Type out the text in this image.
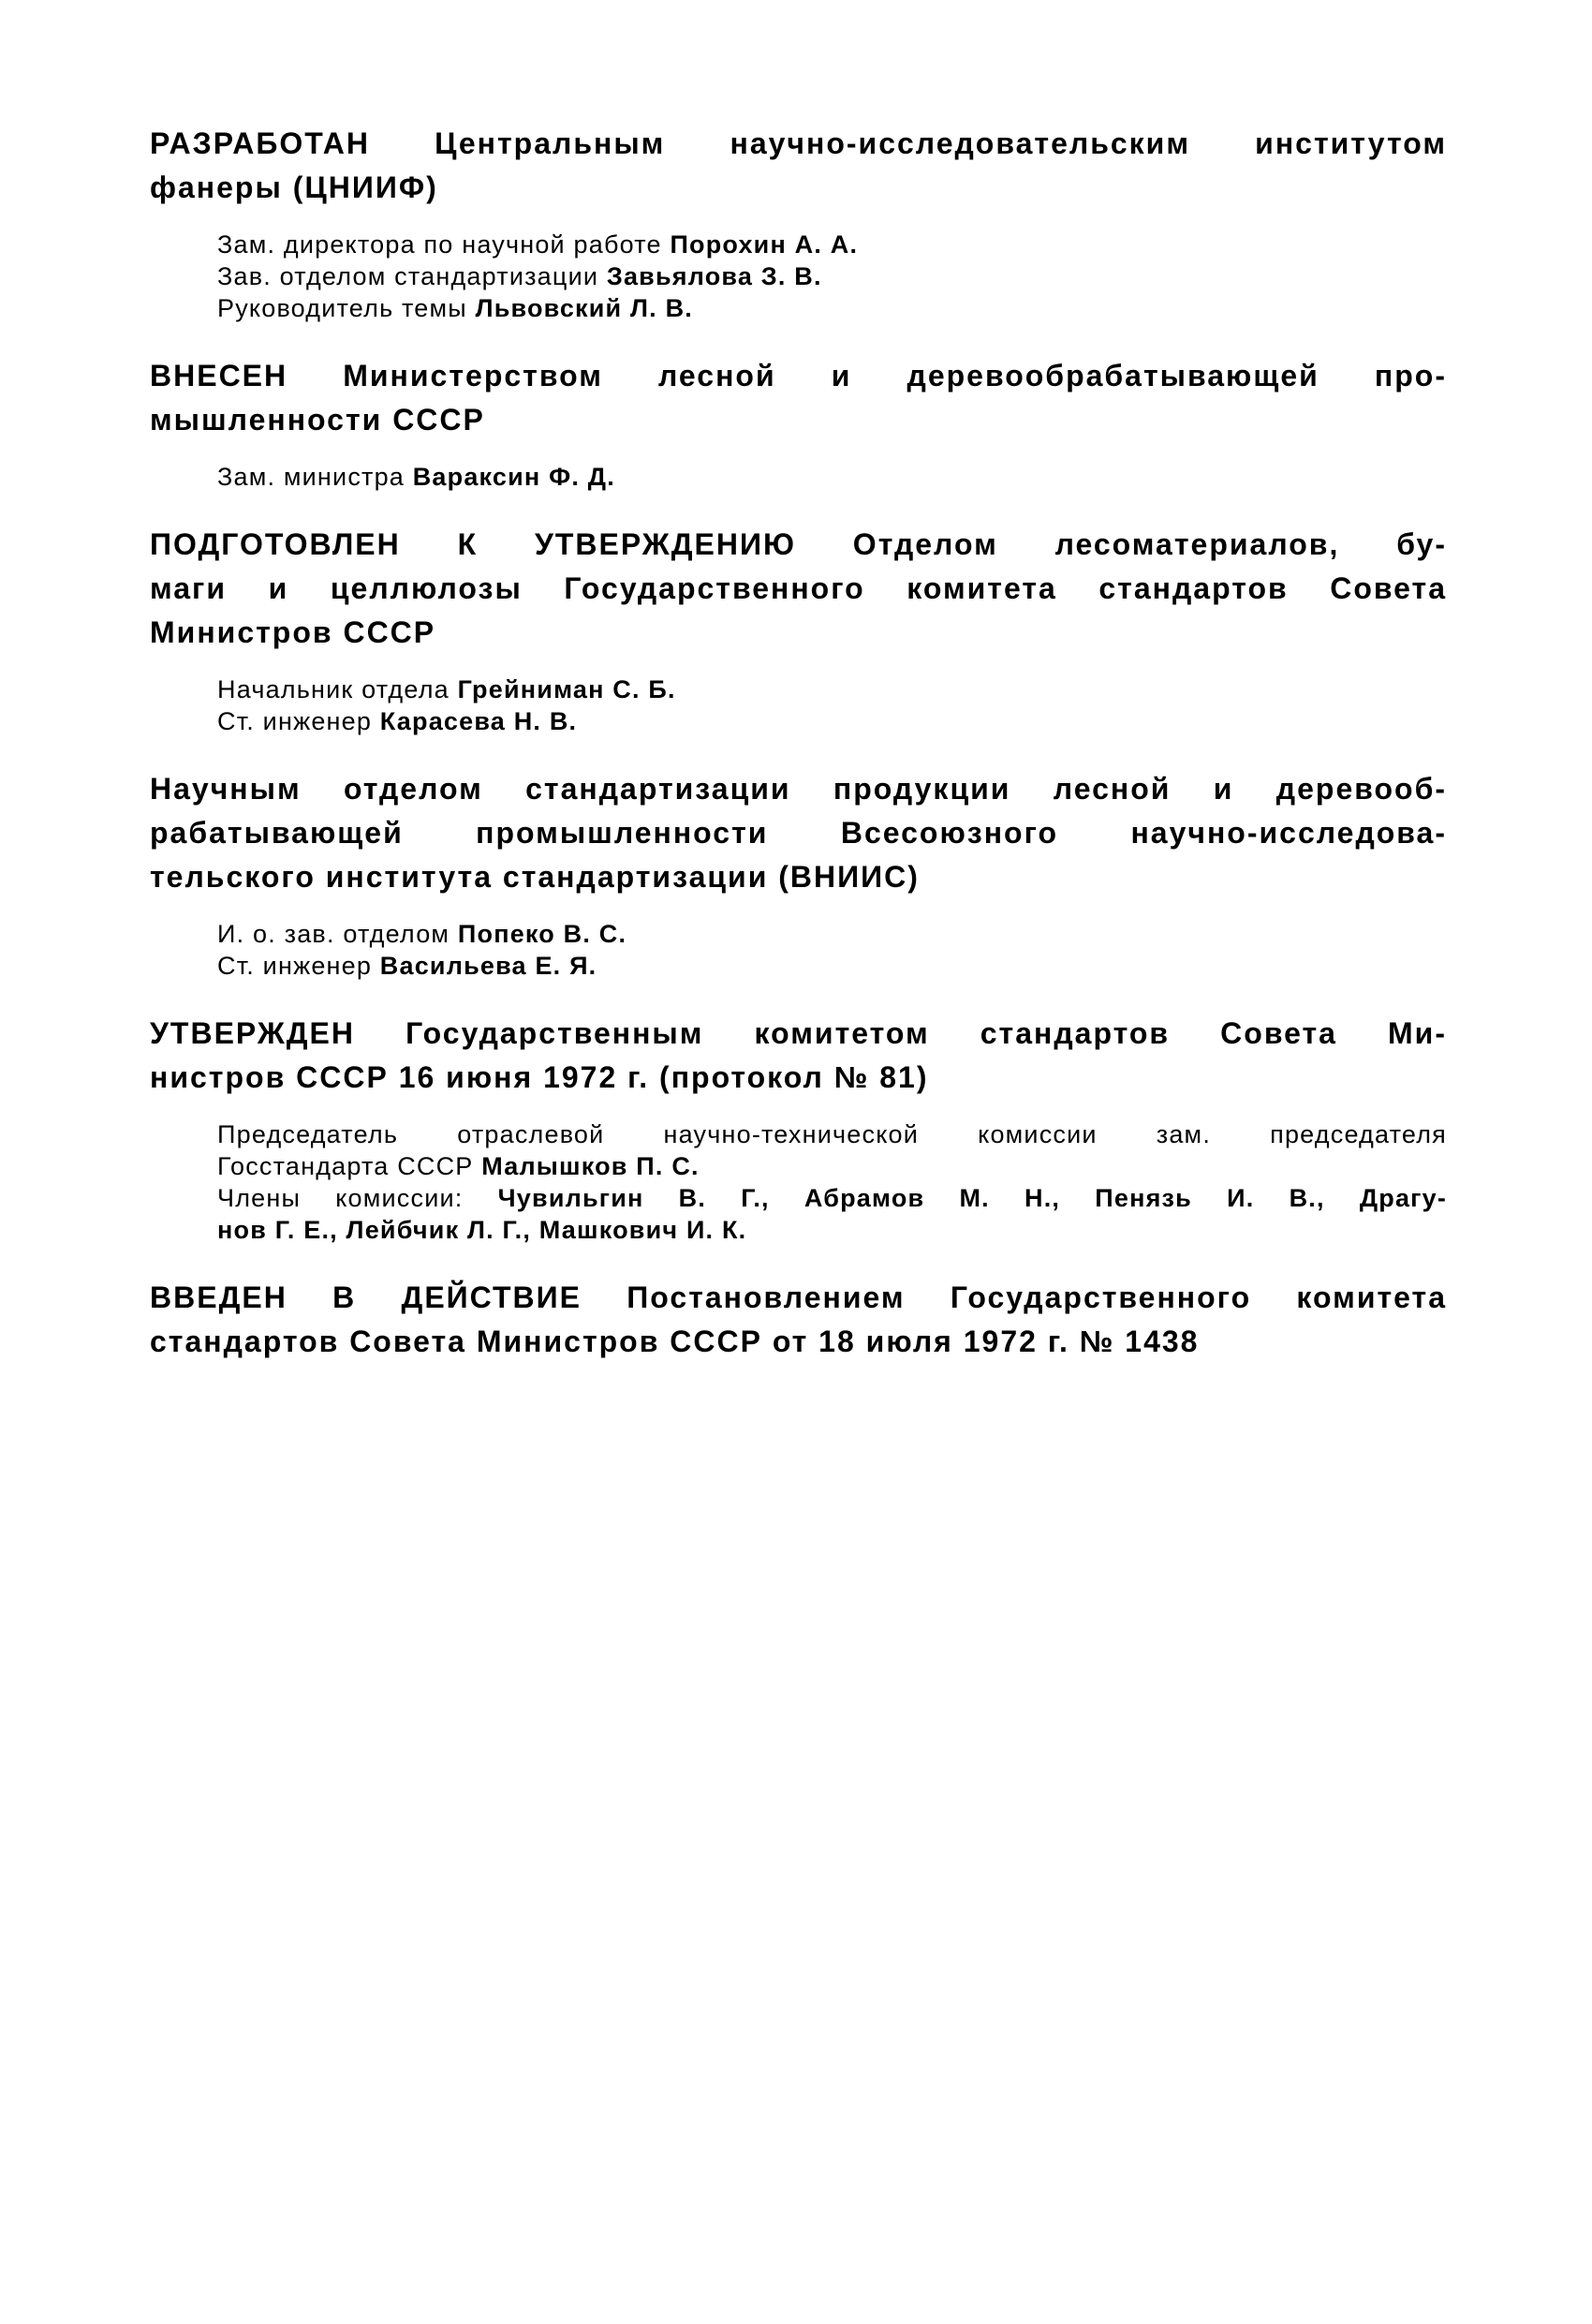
РАЗРАБОТАН Центральным научно-исследовательским институтом
фанеры (ЦНИИФ)

Зам. директора по научной работе Порохин А. А.

Зав. отделом стандартизации Завьялова З. В.

Руководитель темы Львовский Л. В.

ВНЕСЕН Министерством лесной и деревообрабатывающей про-
мышленности СССР

Зам. министра Вараксин Ф. Д.

ПОДГОТОВЛЕН К УТВЕРЖДЕНИЮ Отделом лесоматериалов, бу-
маги и целлюлозы Государственного комитета стандартов Совета
Министров СССР

Начальник отдела Грейниман С. Б.

Ст. инженер Карасева Н. В.

Научным отделом стандартизации продукции лесной и деревооб-
рабатывающей промышленности Всесоюзного научно-исследова-
тельского института стандартизации (ВНИИС)

И. о. зав. отделом Попеко В. С.

Ст. инженер Васильева Е. Я.

УТВЕРЖДЕН Государственным комитетом стандартов Совета Ми-
нистров СССР 16 июня 1972 г. (протокол № 81)

Председатель отраслевой научно-технической комиссии зам. председателя

Госстандарта СССР Малышков П. С.

Члены комиссии: Чувильгин В. Г., Абрамов М. Н., Пенязь И. В., Драгу-

нов Г. Е., Лейбчик Л. Г., Машкович И. К.

ВВЕДЕН В ДЕЙСТВИЕ Постановлением Государственного комитета
стандартов Совета Министров СССР от 18 июля 1972 г. № 1438
